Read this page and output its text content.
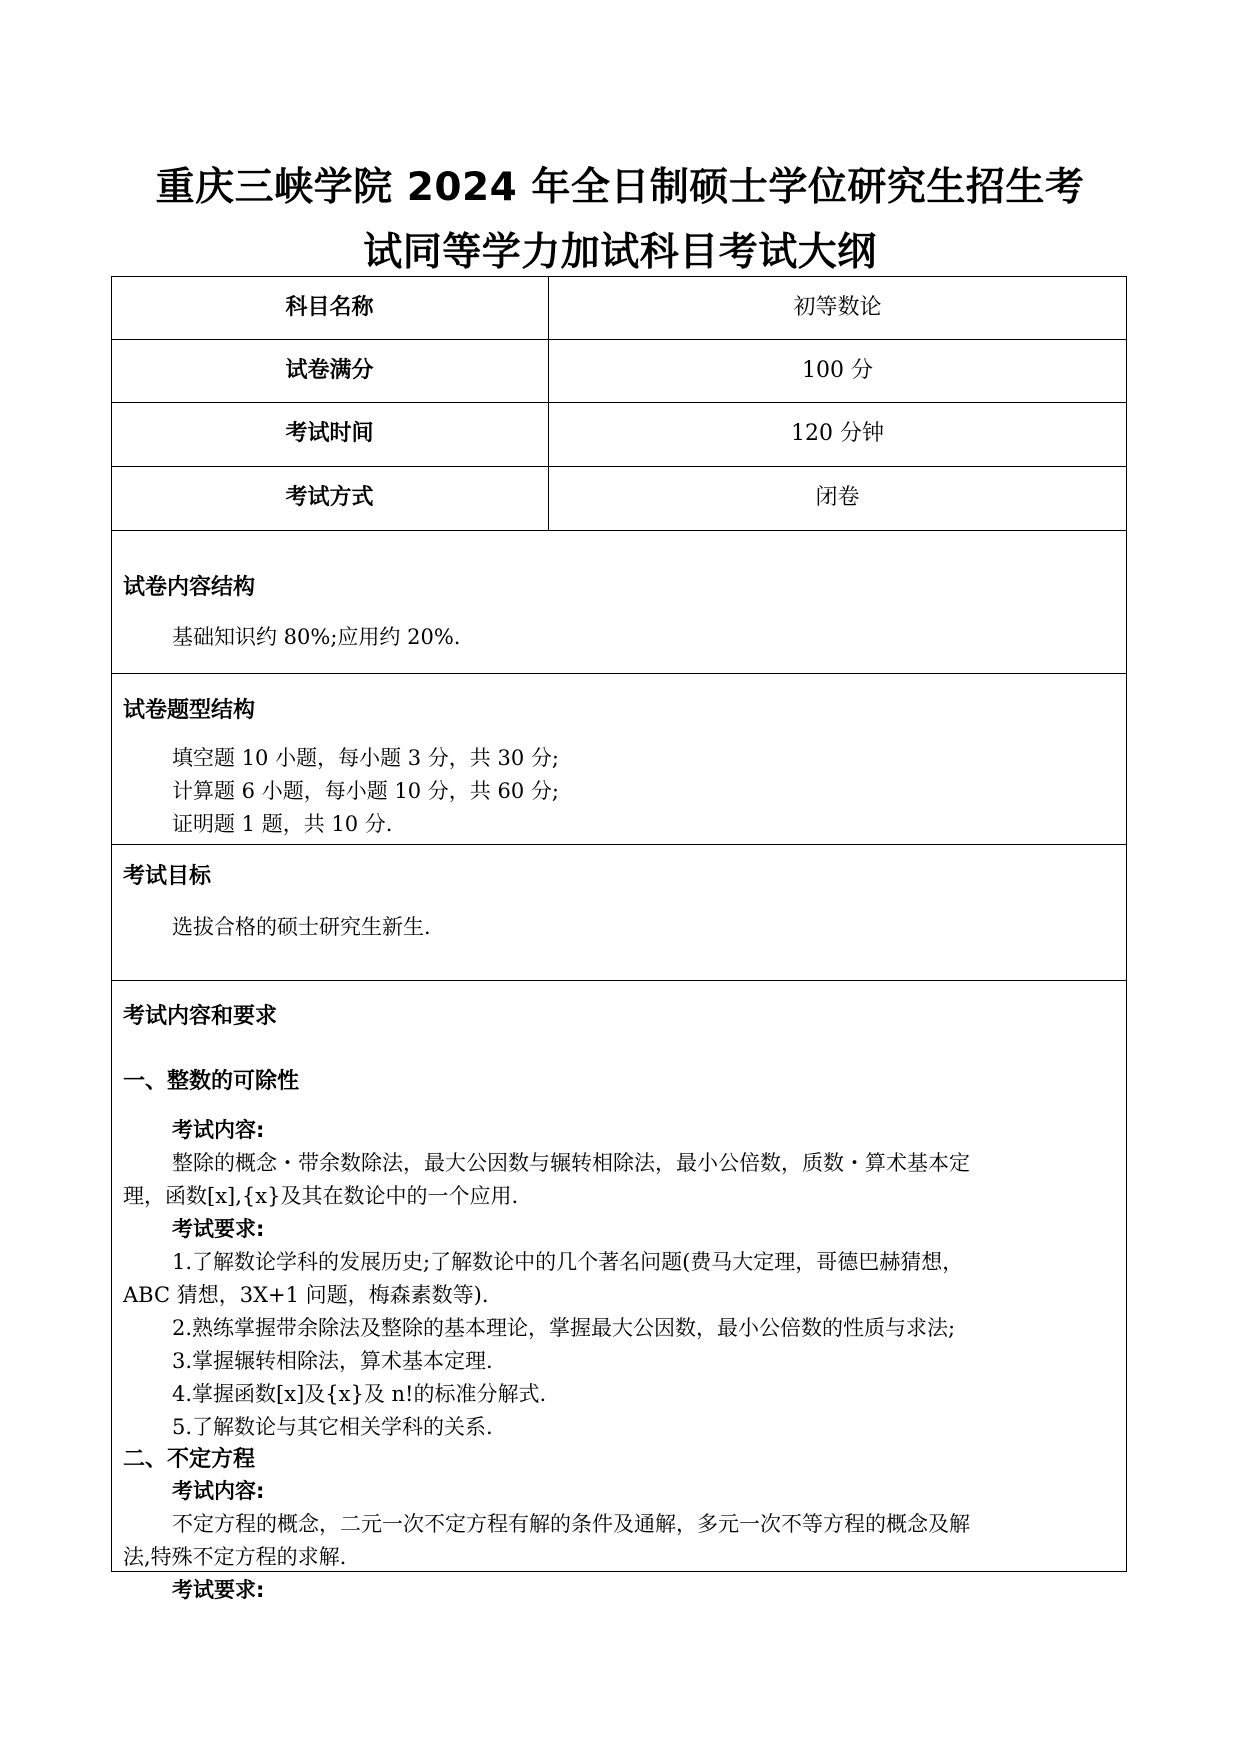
重庆三峡学院 2024 年全日制硕士学位研究生招生考
试同等学力加试科目考试大纲
科目名称	初等数论
试卷满分	100 分
考试时间	120 分钟
考试方式	闭卷
试卷内容结构
基础知识约 80%;应用约 20%.
试卷题型结构
填空题 10 小题，每小题 3 分，共 30 分;
计算题 6 小题，每小题 10 分，共 60 分;
证明题 1 题，共 10 分.
考试目标
选拔合格的硕士研究生新生.
考试内容和要求
一、整数的可除性
考试内容:
整除的概念・带余数除法，最大公因数与辗转相除法，最小公倍数，质数・算术基本定
理，函数[x],{x}及其在数论中的一个应用.
考试要求:
1.了解数论学科的发展历史;了解数论中的几个著名问题(费马大定理，哥德巴赫猜想，
ABC 猜想，3X+1 问题，梅森素数等).
2.熟练掌握带余除法及整除的基本理论，掌握最大公因数，最小公倍数的性质与求法;
3.掌握辗转相除法，算术基本定理.
4.掌握函数[x]及{x}及 n!的标准分解式.
5.了解数论与其它相关学科的关系.
二、不定方程
考试内容:
不定方程的概念，二元一次不定方程有解的条件及通解，多元一次不等方程的概念及解
法,特殊不定方程的求解.
考试要求:
